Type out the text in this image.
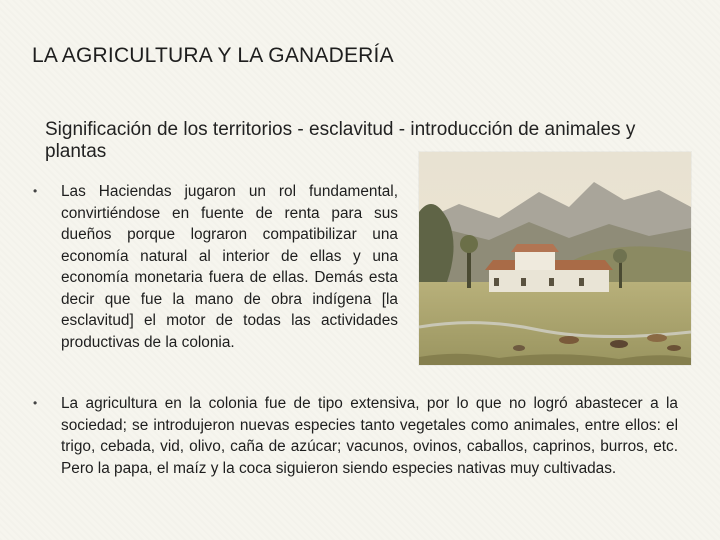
LA AGRICULTURA Y LA GANADERÍA
Significación de los territorios - esclavitud - introducción de animales y plantas
• Las Haciendas jugaron un rol fundamental, convirtiéndose en fuente de renta para sus dueños porque lograron compatibilizar una economía natural al interior de ellas y una economía monetaria fuera de ellas. Demás esta decir que fue la mano de obra indígena [la esclavitud] el motor de todas las actividades productivas de la colonia.
• La agricultura en la colonia fue de tipo extensiva, por lo que no logró abastecer a la sociedad; se introdujeron nuevas especies tanto vegetales como animales, entre ellos: el trigo, cebada, vid, olivo, caña de azúcar; vacunos, ovinos, caballos, caprinos, burros, etc. Pero la papa, el maíz y la coca siguieron siendo especies nativas muy cultivadas.
